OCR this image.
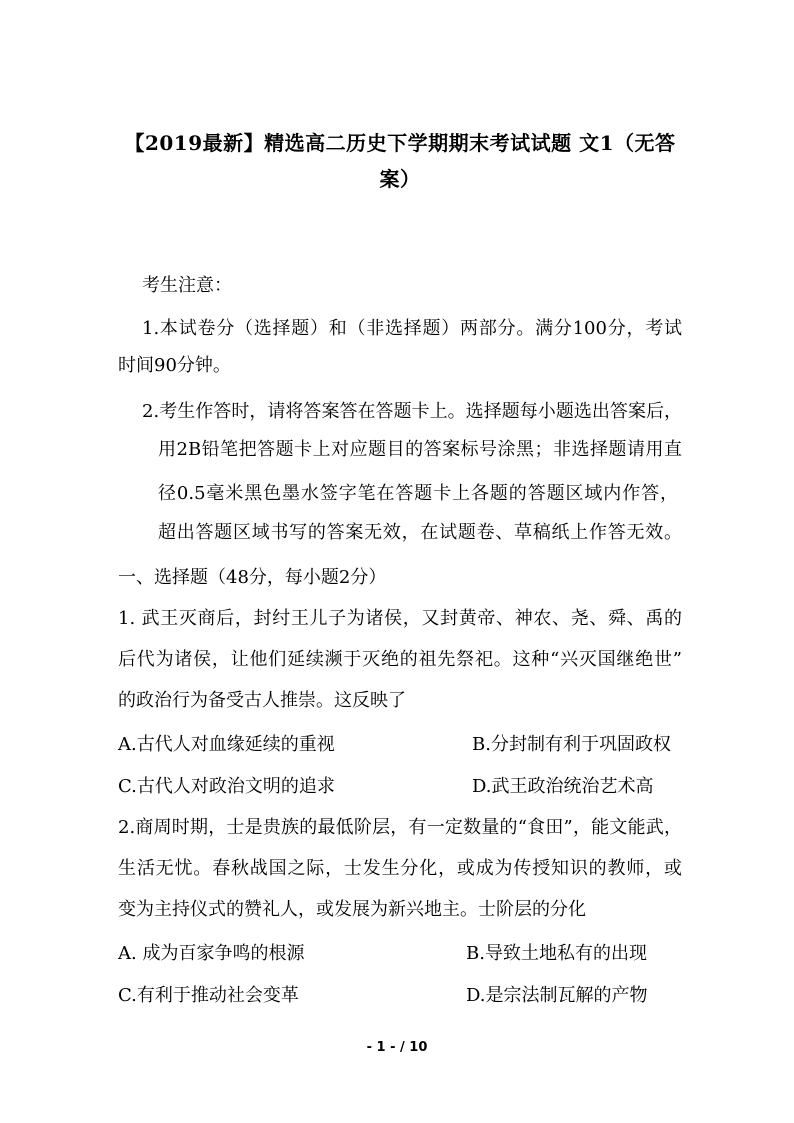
【2019最新】精选高二历史下学期期末考试试题 文1（无答
案）
考生注意：
1.本试卷分（选择题）和（非选择题）两部分。满分100分，考试
时间90分钟。
2.考生作答时，请将答案答在答题卡上。选择题每小题选出答案后，
用2B铅笔把答题卡上对应题目的答案标号涂黑；非选择题请用直
径0.5毫米黑色墨水签字笔在答题卡上各题的答题区域内作答，
超出答题区域书写的答案无效，在试题卷、草稿纸上作答无效。
一、选择题（48分，每小题2分）
1. 武王灭商后，封纣王儿子为诸侯，又封黄帝、神农、尧、舜、禹的
后代为诸侯，让他们延续濒于灭绝的祖先祭祀。这种“兴灭国继绝世”
的政治行为备受古人推崇。这反映了
A.古代人对血缘延续的重视	B.分封制有利于巩固政权
C.古代人对政治文明的追求	D.武王政治统治艺术高
2.商周时期，士是贵族的最低阶层，有一定数量的“食田”，能文能武，
生活无忧。春秋战国之际，士发生分化，或成为传授知识的教师，或
变为主持仪式的赞礼人，或发展为新兴地主。士阶层的分化
A. 成为百家争鸣的根源	B.导致土地私有的出现
C.有利于推动社会变革	D.是宗法制瓦解的产物
- 1 - / 10
